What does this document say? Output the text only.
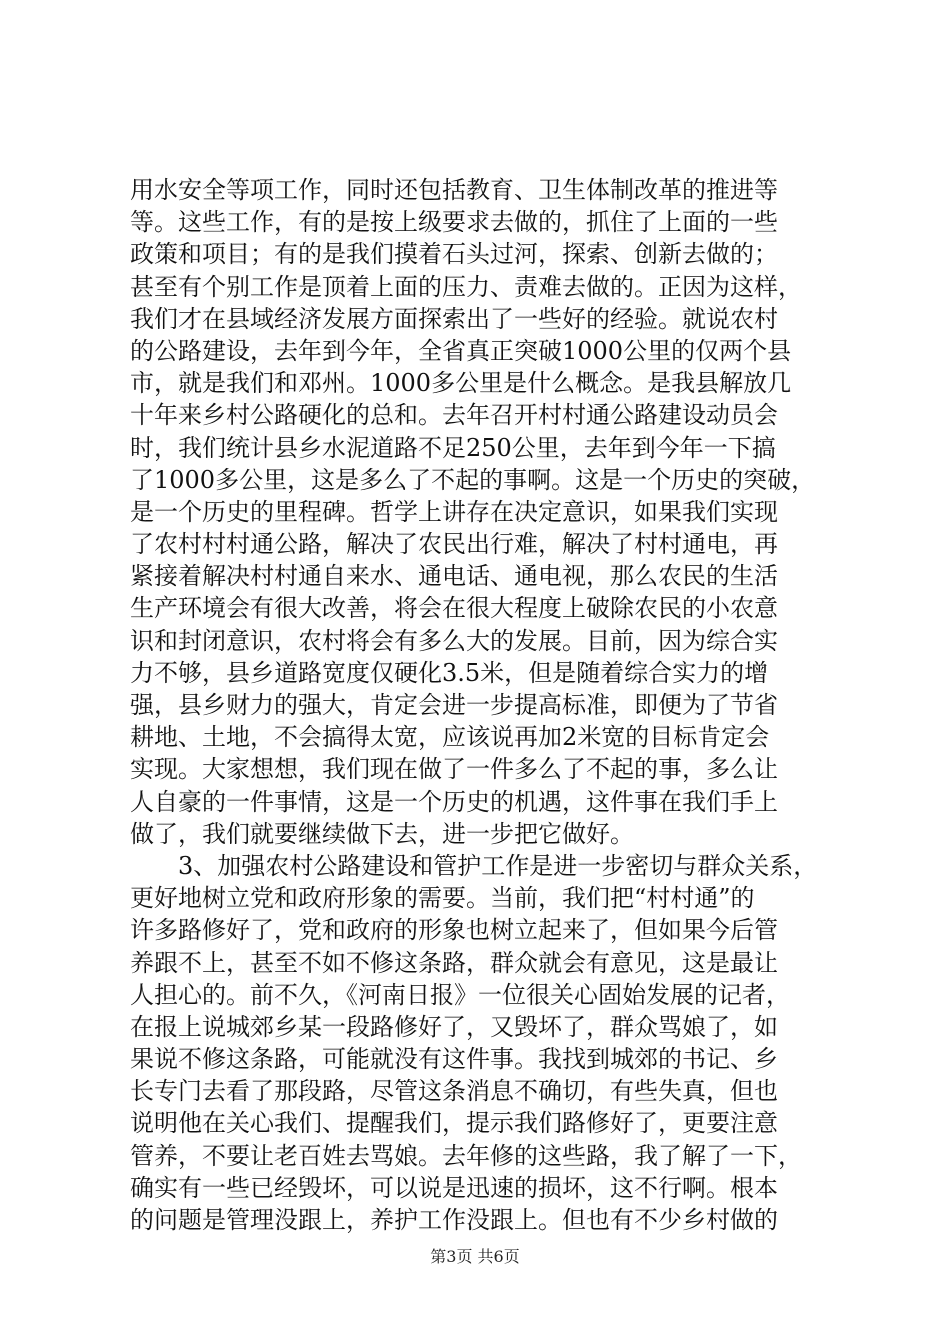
用水安全等项工作，同时还包括教育、卫生体制改革的推进等
等。这些工作，有的是按上级要求去做的，抓住了上面的一些
政策和项目；有的是我们摸着石头过河，探索、创新去做的；
甚至有个别工作是顶着上面的压力、责难去做的。正因为这样，
我们才在县域经济发展方面探索出了一些好的经验。就说农村
的公路建设，去年到今年，全省真正突破1000公里的仅两个县
市，就是我们和邓州。1000多公里是什么概念。是我县解放几
十年来乡村公路硬化的总和。去年召开村村通公路建设动员会
时，我们统计县乡水泥道路不足250公里，去年到今年一下搞
了1000多公里，这是多么了不起的事啊。这是一个历史的突破，
是一个历史的里程碑。哲学上讲存在决定意识，如果我们实现
了农村村村通公路，解决了农民出行难，解决了村村通电，再
紧接着解决村村通自来水、通电话、通电视，那么农民的生活
生产环境会有很大改善，将会在很大程度上破除农民的小农意
识和封闭意识，农村将会有多么大的发展。目前，因为综合实
力不够，县乡道路宽度仅硬化3.5米，但是随着综合实力的增
强，县乡财力的强大，肯定会进一步提高标准，即便为了节省
耕地、土地，不会搞得太宽，应该说再加2米宽的目标肯定会
实现。大家想想，我们现在做了一件多么了不起的事，多么让
人自豪的一件事情，这是一个历史的机遇，这件事在我们手上
做了，我们就要继续做下去，进一步把它做好。
3、加强农村公路建设和管护工作是进一步密切与群众关系，
更好地树立党和政府形象的需要。当前，我们把“村村通”的
许多路修好了，党和政府的形象也树立起来了，但如果今后管
养跟不上，甚至不如不修这条路，群众就会有意见，这是最让
人担心的。前不久，《河南日报》一位很关心固始发展的记者，
在报上说城郊乡某一段路修好了，又毁坏了，群众骂娘了，如
果说不修这条路，可能就没有这件事。我找到城郊的书记、乡
长专门去看了那段路，尽管这条消息不确切，有些失真，但也
说明他在关心我们、提醒我们，提示我们路修好了，更要注意
管养，不要让老百姓去骂娘。去年修的这些路，我了解了一下，
确实有一些已经毁坏，可以说是迅速的损坏，这不行啊。根本
的问题是管理没跟上，养护工作没跟上。但也有不少乡村做的
第3页 共6页
